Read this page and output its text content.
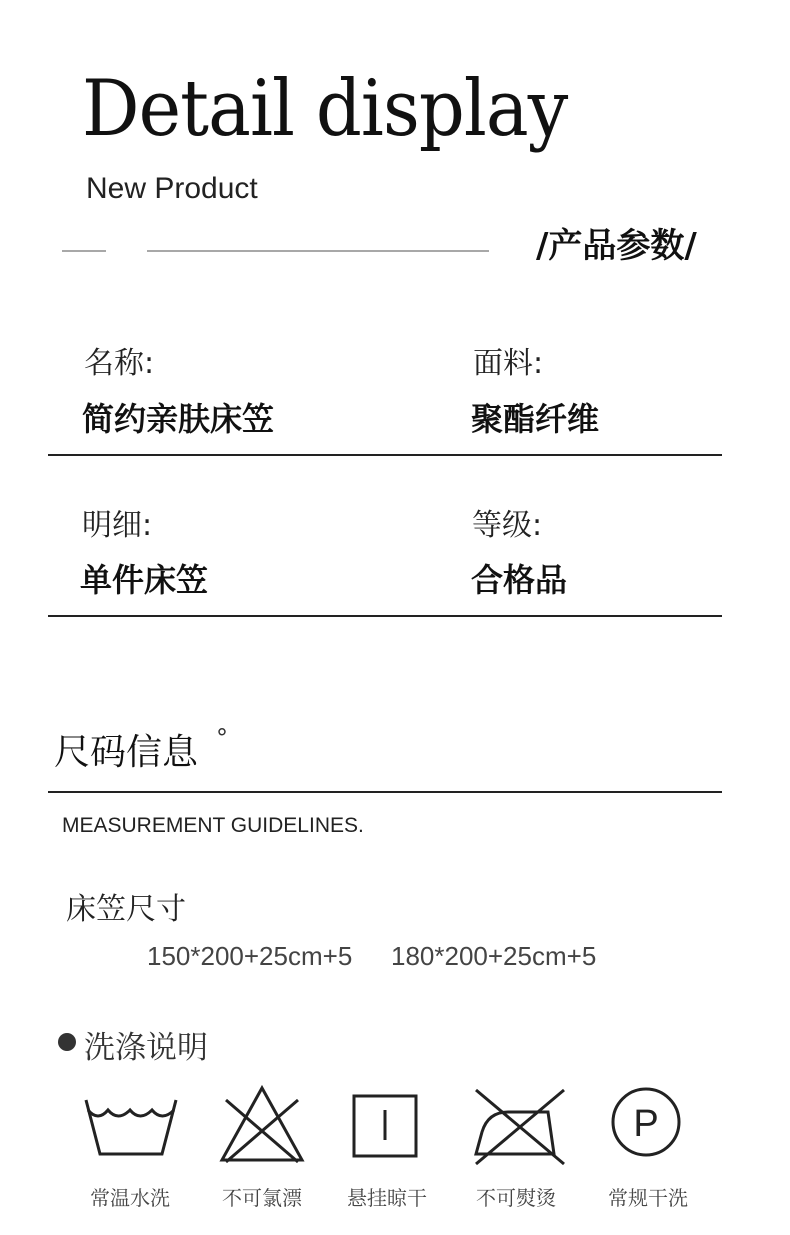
Detail display
New Product
/产品参数/
名称:
简约亲肤床笠
面料:
聚酯纤维
明细:
单件床笠
等级:
合格品
尺码信息 °
MEASUREMENT GUIDELINES.
床笠尺寸
150*200+25cm+5 180*200+25cm+5
洗涤说明
常温水洗	不可氯漂	悬挂晾干	不可熨烫
P
常规干洗
